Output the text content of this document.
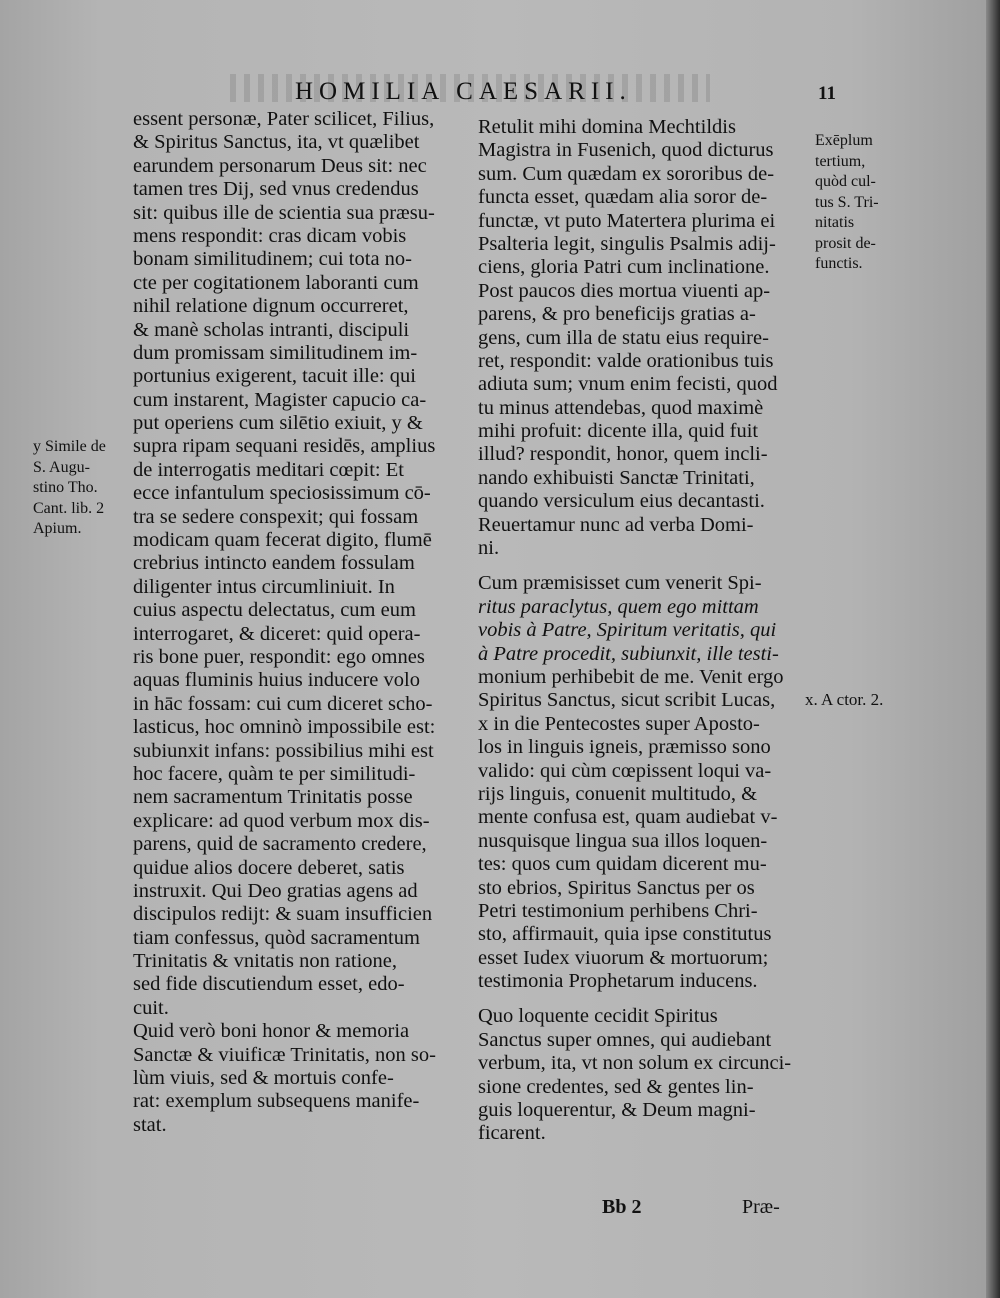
HOMILIA CAESARII.	11
y Simile de
S. Augu-
stino Tho.
Cant. lib. 2
Apium.
Exēplum
tertium,
quòd cul-
tus S. Tri-
nitatis
prosit de-
functis.
x. A ctor. 2.
essent personæ, Pater scilicet, Filius,
& Spiritus Sanctus, ita, vt quælibet
earundem personarum Deus sit: nec
tamen tres Dij, sed vnus credendus
sit: quibus ille de scientia sua præsu-
mens respondit: cras dicam vobis
bonam similitudinem; cui tota no-
cte per cogitationem laboranti cum
nihil relatione dignum occurreret,
& manè scholas intranti, discipuli
dum promissam similitudinem im-
portunius exigerent, tacuit ille: qui
cum instarent, Magister capucio ca-
put operiens cum silētio exiuit, y &
supra ripam sequani residēs, amplius
de interrogatis meditari cœpit: Et
ecce infantulum speciosissimum cō-
tra se sedere conspexit; qui fossam
modicam quam fecerat digito, flumē
crebrius intincto eandem fossulam
diligenter intus circumliniuit. In
cuius aspectu delectatus, cum eum
interrogaret, & diceret: quid opera-
ris bone puer, respondit: ego omnes
aquas fluminis huius inducere volo
in hāc fossam: cui cum diceret scho-
lasticus, hoc omninò impossibile est:
subiunxit infans: possibilius mihi est
hoc facere, quàm te per similitudi-
nem sacramentum Trinitatis posse
explicare: ad quod verbum mox dis-
parens, quid de sacramento credere,
quidue alios docere deberet, satis
instruxit. Qui Deo gratias agens ad
discipulos redijt: & suam insufficien
tiam confessus, quòd sacramentum
Trinitatis & vnitatis non ratione,
sed fide discutiendum esset, edo-
cuit.
Quid verò boni honor & memoria
Sanctæ & viuificæ Trinitatis, non so-
lùm viuis, sed & mortuis confe-
rat: exemplum subsequens manife-
stat.
Retulit mihi domina Mechtildis
Magistra in Fusenich, quod dicturus
sum. Cum quædam ex sororibus de-
functa esset, quædam alia soror de-
functæ, vt puto Matertera plurima ei
Psalteria legit, singulis Psalmis adij-
ciens, gloria Patri cum inclinatione.
Post paucos dies mortua viuenti ap-
parens, & pro beneficijs gratias a-
gens, cum illa de statu eius require-
ret, respondit: valde orationibus tuis
adiuta sum; vnum enim fecisti, quod
tu minus attendebas, quod maximè
mihi profuit: dicente illa, quid fuit
illud? respondit, honor, quem incli-
nando exhibuisti Sanctæ Trinitati,
quando versiculum eius decantasti.
Reuertamur nunc ad verba Domi-
ni.
Cum præmisisset cum venerit Spi-
ritus paraclytus, quem ego mittam
vobis à Patre, Spiritum veritatis, qui
à Patre procedit, subiunxit, ille testi-
monium perhibebit de me. Venit ergo
Spiritus Sanctus, sicut scribit Lucas,
x in die Pentecostes super Aposto-
los in linguis igneis, præmisso sono
valido: qui cùm cœpissent loqui va-
rijs linguis, conuenit multitudo, &
mente confusa est, quam audiebat v-
nusquisque lingua sua illos loquen-
tes: quos cum quidam dicerent mu-
sto ebrios, Spiritus Sanctus per os
Petri testimonium perhibens Chri-
sto, affirmauit, quia ipse constitutus
esset Iudex viuorum & mortuorum;
testimonia Prophetarum inducens.
Quo loquente cecidit Spiritus
Sanctus super omnes, qui audiebant
verbum, ita, vt non solum ex circunci-
sione credentes, sed & gentes lin-
guis loquerentur, & Deum magni-
ficarent.
Bb 2	Præ-
